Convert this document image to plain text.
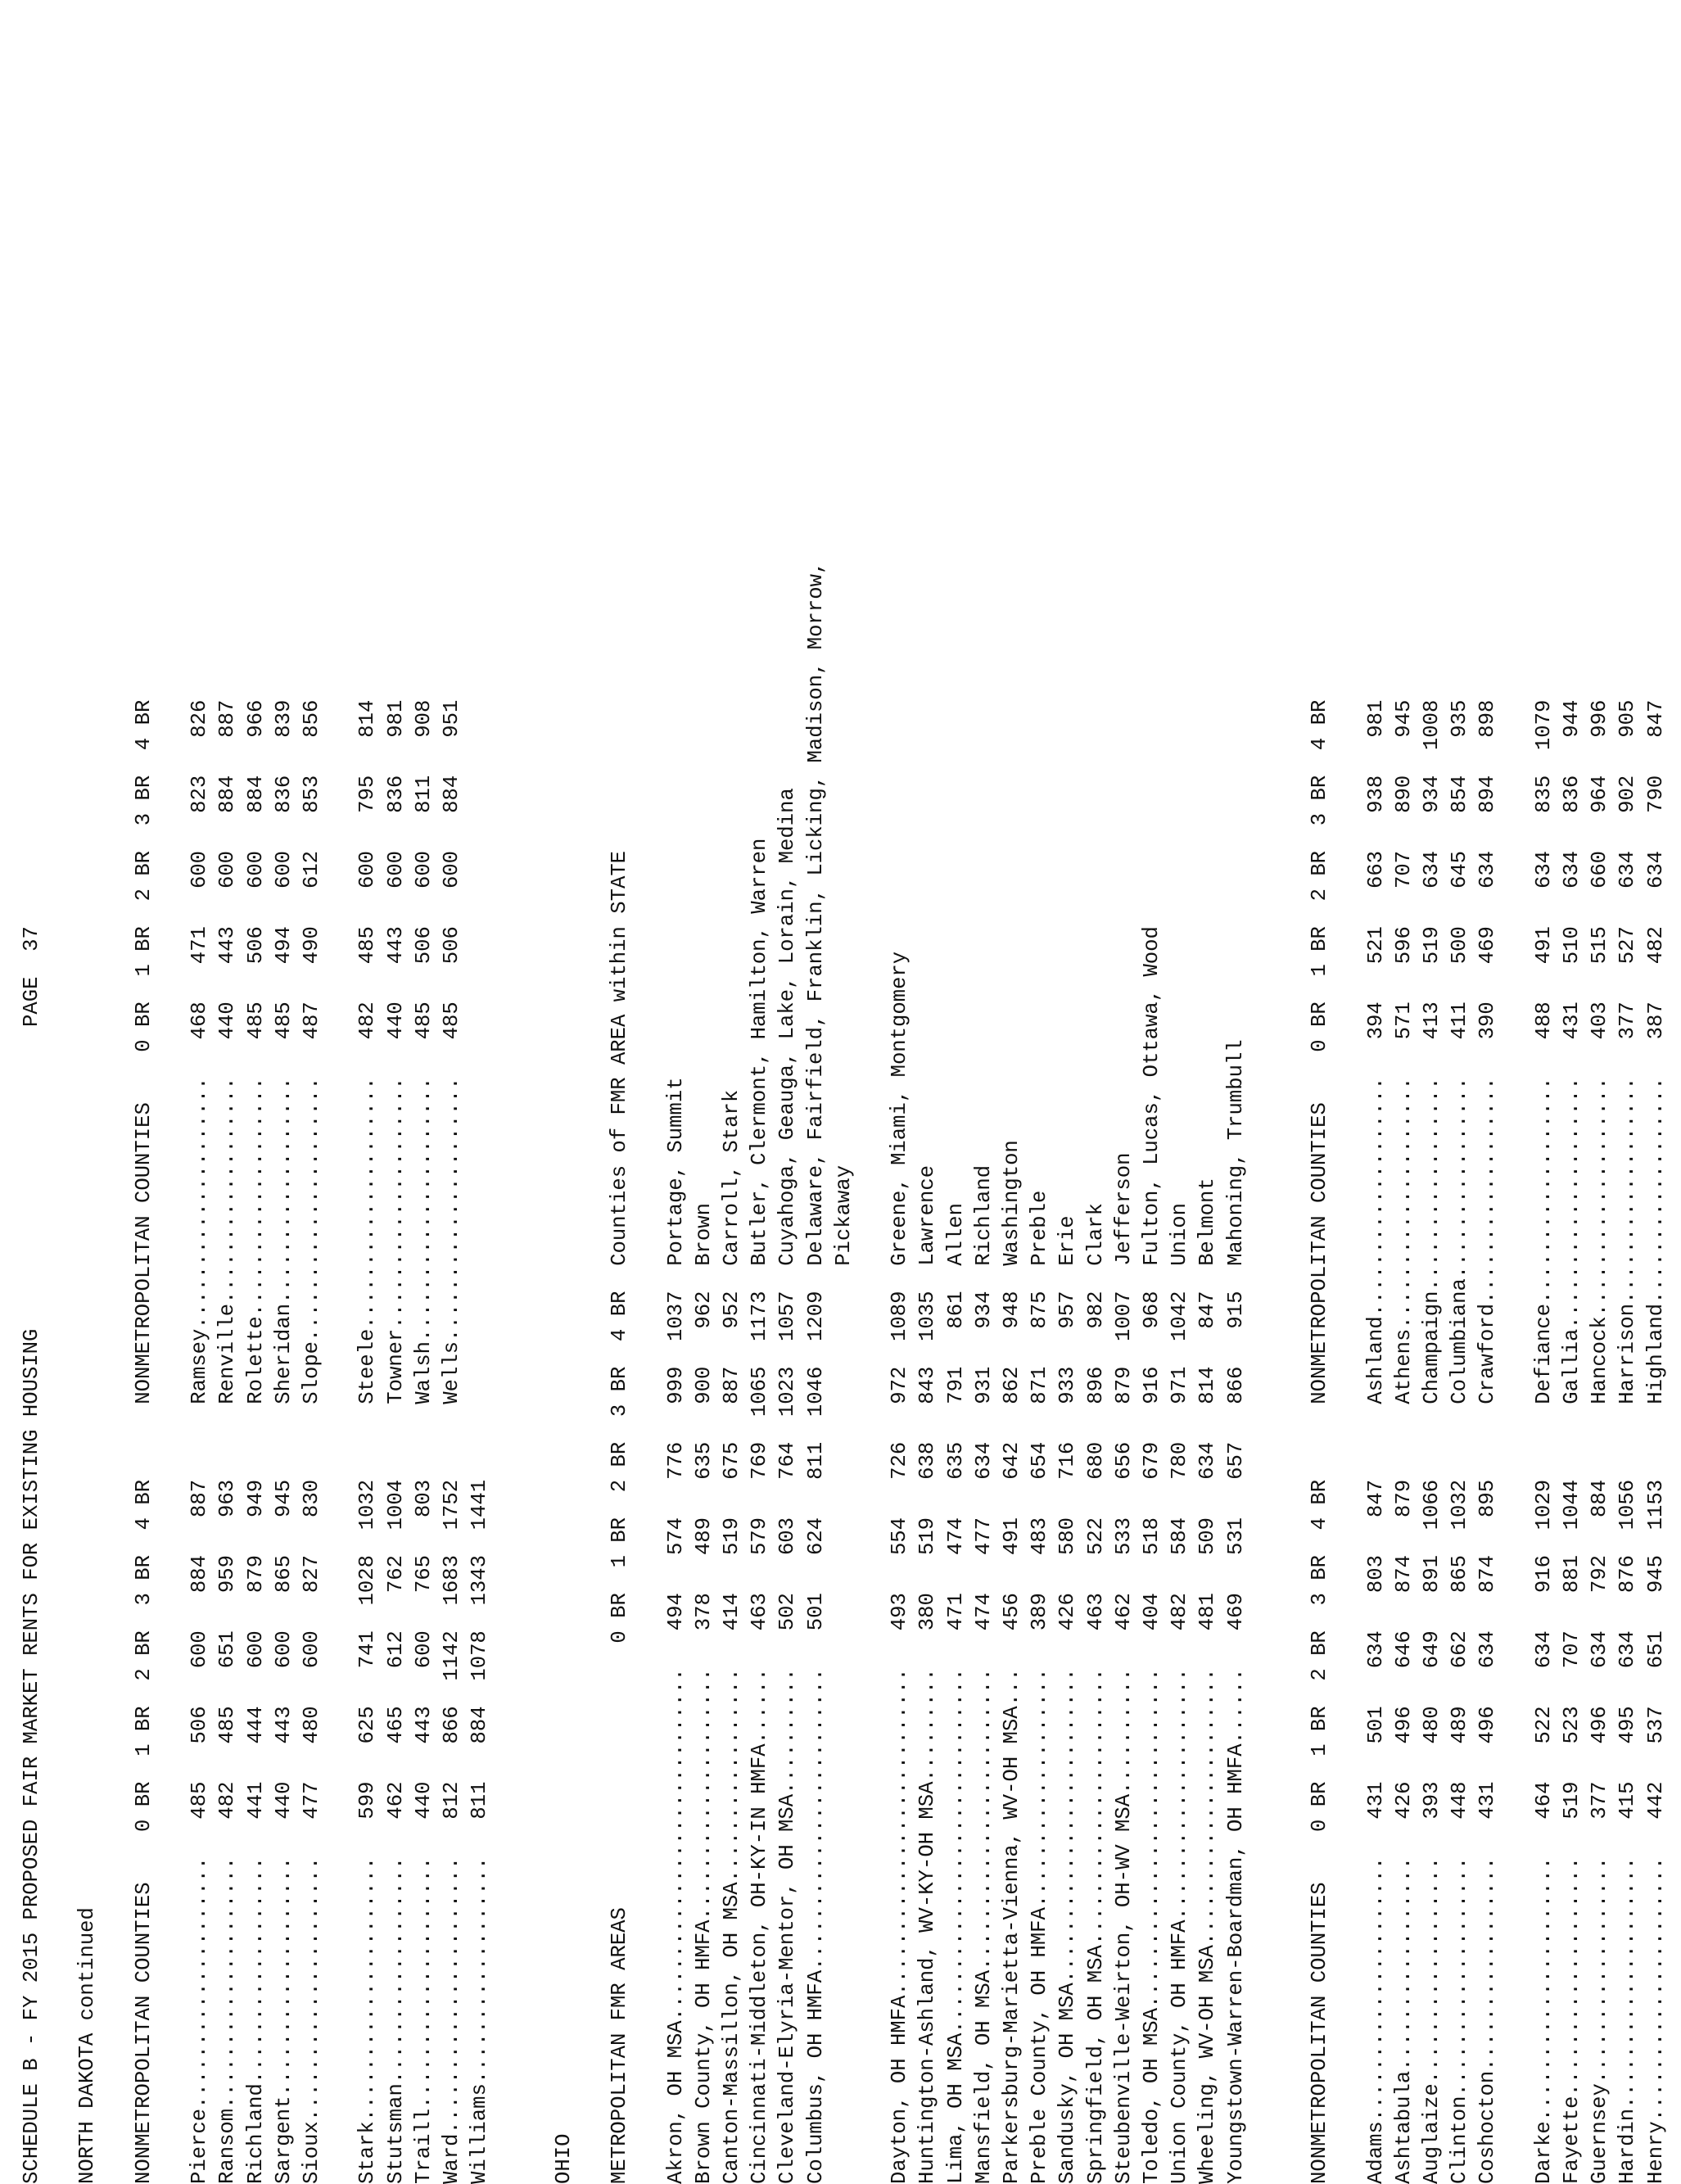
SCHEDULE B - FY 2015 PROPOSED FAIR MARKET RENTS FOR EXISTING HOUSING                        PAGE  37
NORTH DAKOTA continued NONMETROPOLITAN COUNTIES    0 BR  1 BR  2 BR  3 BR  4 BR      NONMETROPOLITAN COUNTIES    0 BR  1 BR  2 BR  3 BR  4 BR
Pierce....................   485   506   600   884   887      Ramsey....................   468   471   600   823   826
Ransom....................   482   485   651   959   963      Renville..................   440   443   600   884   887
Richland..................   441   444   600   879   949      Rolette...................   485   506   600   884   966
Sargent...................   440   443   600   865   945      Sheridan..................   485   494   600   836   839
Sioux.....................   477   480   600   827   830      Slope.....................   487   490   612   853   856
Stark.....................   599   625   741  1028  1032      Steele....................   482   485   600   795   814
Stutsman..................   462   465   612   762  1004      Towner....................   440   443   600   836   981
Traill....................   440   443   600   765   803      Walsh.....................   485   506   600   811   908
Ward......................   812   866  1142  1683  1752      Wells.....................   485   506   600   884   951
Williams..................   811   884  1078  1343  1441
OHIO METROPOLITAN FMR AREAS                     0 BR  1 BR  2 BR  3 BR  4 BR  Counties of FMR AREA within STATE
Akron, OH MSA............................   494   574   776   999  1037  Portage, Summit
Brown County, OH HMFA....................   378   489   635   900   962  Brown
Canton-Massillon, OH MSA.................   414   519   675   887   952  Carroll, Stark
Cincinnati-Middleton, OH-KY-IN HMFA......   463   579   769  1065  1173  Butler, Clermont, Hamilton, Warren
Cleveland-Elyria-Mentor, OH MSA..........   502   603   764  1023  1057  Cuyahoga, Geauga, Lake, Lorain, Medina
Columbus, OH HMFA........................   501   624   811  1046  1209  Delaware, Fairfield, Franklin, Licking, Madison, Morrow,
Pickaway Dayton, OH HMFA..........................   493   554   726   972  1089  Greene, Miami, Montgomery
Huntington-Ashland, WV-KY-OH MSA.........   380   519   638   843  1035  Lawrence
Lima, OH MSA.............................   471   474   635   791   861  Allen
Mansfield, OH MSA........................   474   477   634   931   934  Richland
Parkersburg-Marietta-Vienna, WV-OH MSA...   456   491   642   862   948  Washington
Preble County, OH HMFA...................   389   483   654   871   875  Preble
Sandusky, OH MSA.........................   426   580   716   933   957  Erie
Springfield, OH MSA......................   463   522   680   896   982  Clark
Steubenville-Weirton, OH-WV MSA..........   462   533   656   879  1007  Jefferson
Toledo, OH MSA...........................   404   518   679   916   968  Fulton, Lucas, Ottawa, Wood
Union County, OH HMFA....................   482   584   780   971  1042  Union
Wheeling, WV-OH MSA......................   481   509   634   814   847  Belmont
Youngstown-Warren-Boardman, OH HMFA......   469   531   657   866   915  Mahoning, Trumbull
NONMETROPOLITAN COUNTIES    0 BR  1 BR  2 BR  3 BR  4 BR      NONMETROPOLITAN COUNTIES    0 BR  1 BR  2 BR  3 BR  4 BR
Adams.....................   431   501   634   803   847      Ashland...................   394   521   663   938   981
Ashtabula.................   426   496   646   874   879      Athens....................   571   596   707   890   945
Auglaize..................   393   480   649   891  1066      Champaign.................   413   519   634   934  1008
Clinton...................   448   489   662   865  1032      Columbiana................   411   500   645   854   935
Coshocton.................   431   496   634   874   895      Crawford..................   390   469   634   894   898
Darke.....................   464   522   634   916  1029      Defiance..................   488   491   634   835  1079
Fayette...................   519   523   707   881  1044      Gallia....................   431   510   634   836   944
Guernsey..................   377   496   634   792   884      Hancock...................   403   515   660   964   996
Hardin....................   415   495   634   876  1056      Harrison..................   377   527   634   902   905
Henry.....................   442   537   651   945  1153      Highland..................   387   482   634   790   847
